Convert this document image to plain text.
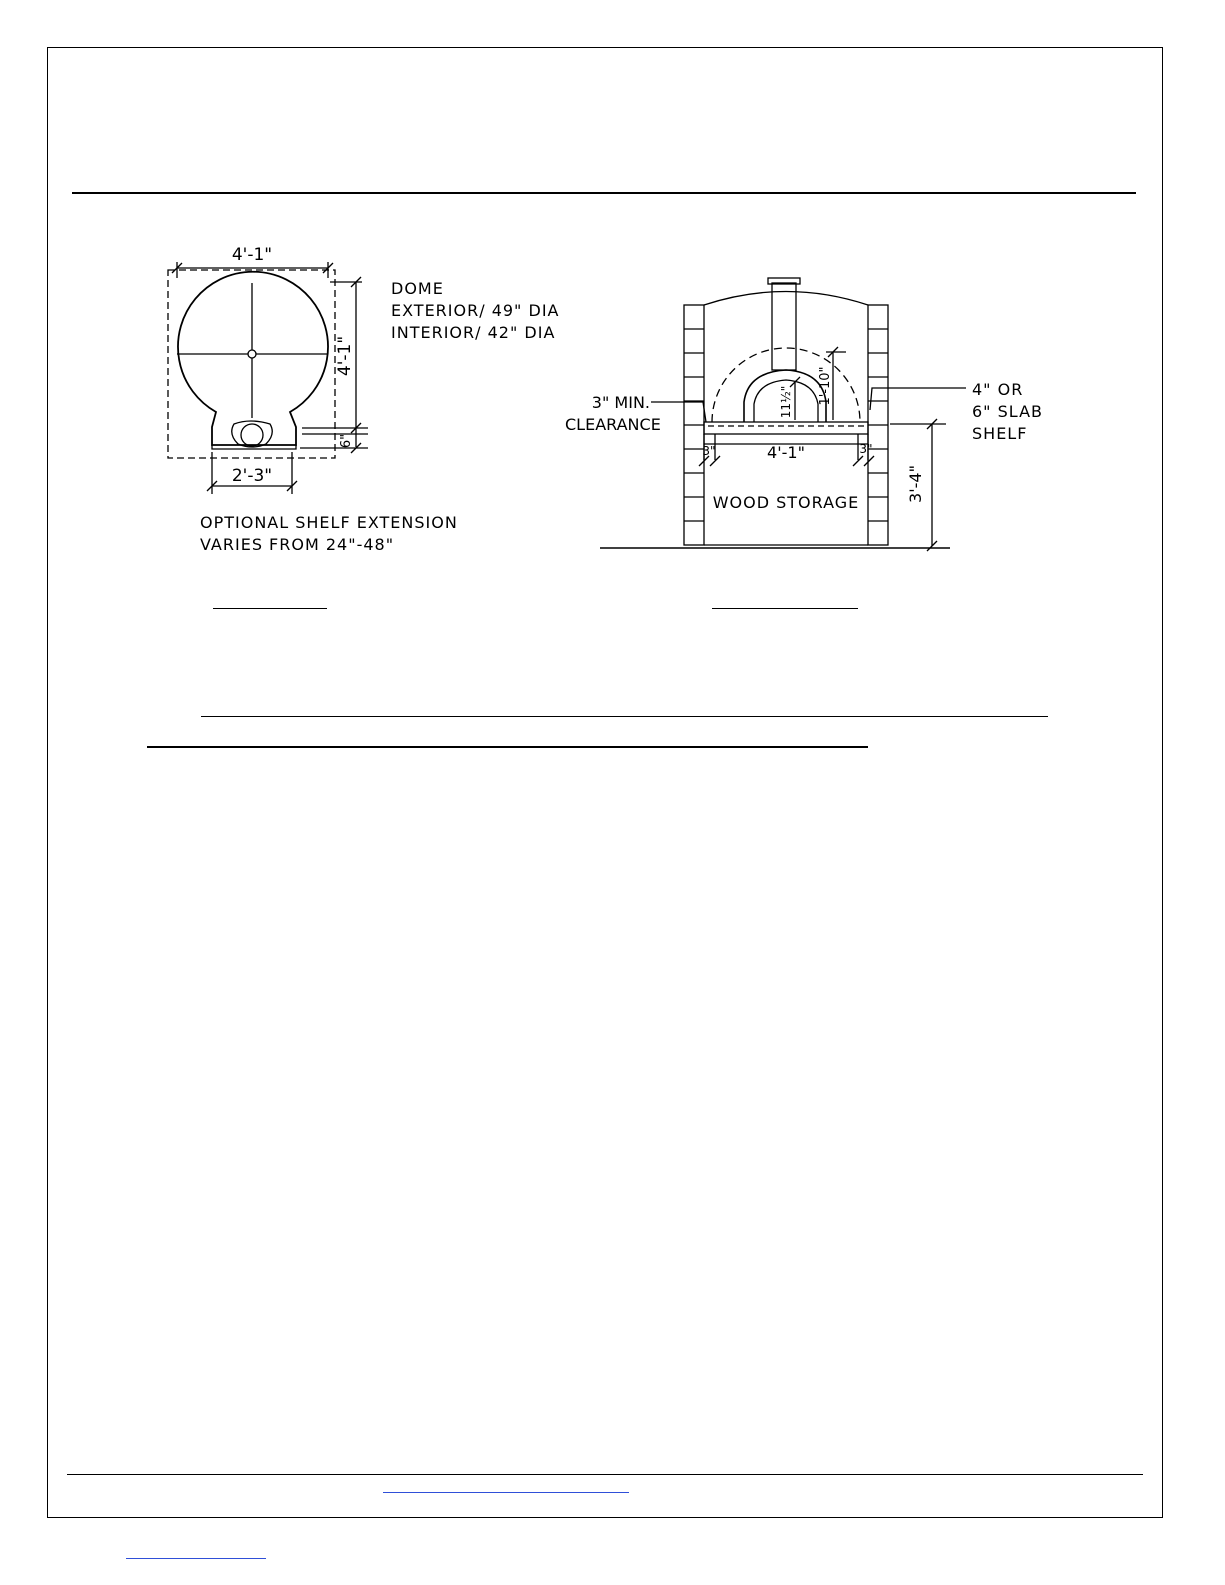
4'-1"
4'-1"
6"
2'-3"
DOME
EXTERIOR/ 49" DIA
INTERIOR/ 42" DIA
OPTIONAL SHELF EXTENSION
VARIES FROM 24"-48"
3" MIN.
CLEARANCE
4" OR
6" SLAB
SHELF
WOOD STORAGE
4'-1"
3"	3"
3'-4"
1'-10"
11½"
